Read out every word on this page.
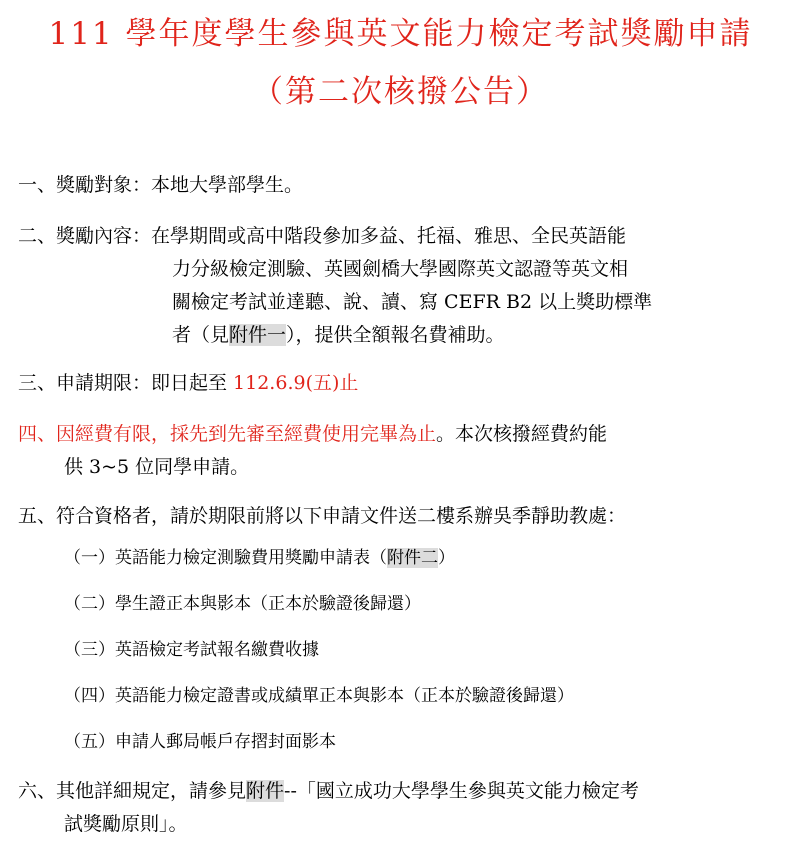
111 學年度學生參與英文能力檢定考試獎勵申請
（第二次核撥公告）
一、獎勵對象：本地大學部學生。
二、獎勵內容：在學期間或高中階段參加多益、托福、雅思、全民英語能
力分級檢定測驗、英國劍橋大學國際英文認證等英文相
關檢定考試並達聽、說、讀、寫 CEFR B2 以上獎助標準
者（見附件一），提供全額報名費補助。
三、申請期限：即日起至 112.6.9(五)止
四、因經費有限，採先到先審至經費使用完畢為止。本次核撥經費約能
供 3~5 位同學申請。
五、符合資格者，請於期限前將以下申請文件送二樓系辦吳季靜助教處：
（一）英語能力檢定測驗費用獎勵申請表（附件二）
（二）學生證正本與影本（正本於驗證後歸還）
（三）英語檢定考試報名繳費收據
（四）英語能力檢定證書或成績單正本與影本（正本於驗證後歸還）
（五）申請人郵局帳戶存摺封面影本
六、其他詳細規定，請參見附件--「國立成功大學學生參與英文能力檢定考
試獎勵原則」。
